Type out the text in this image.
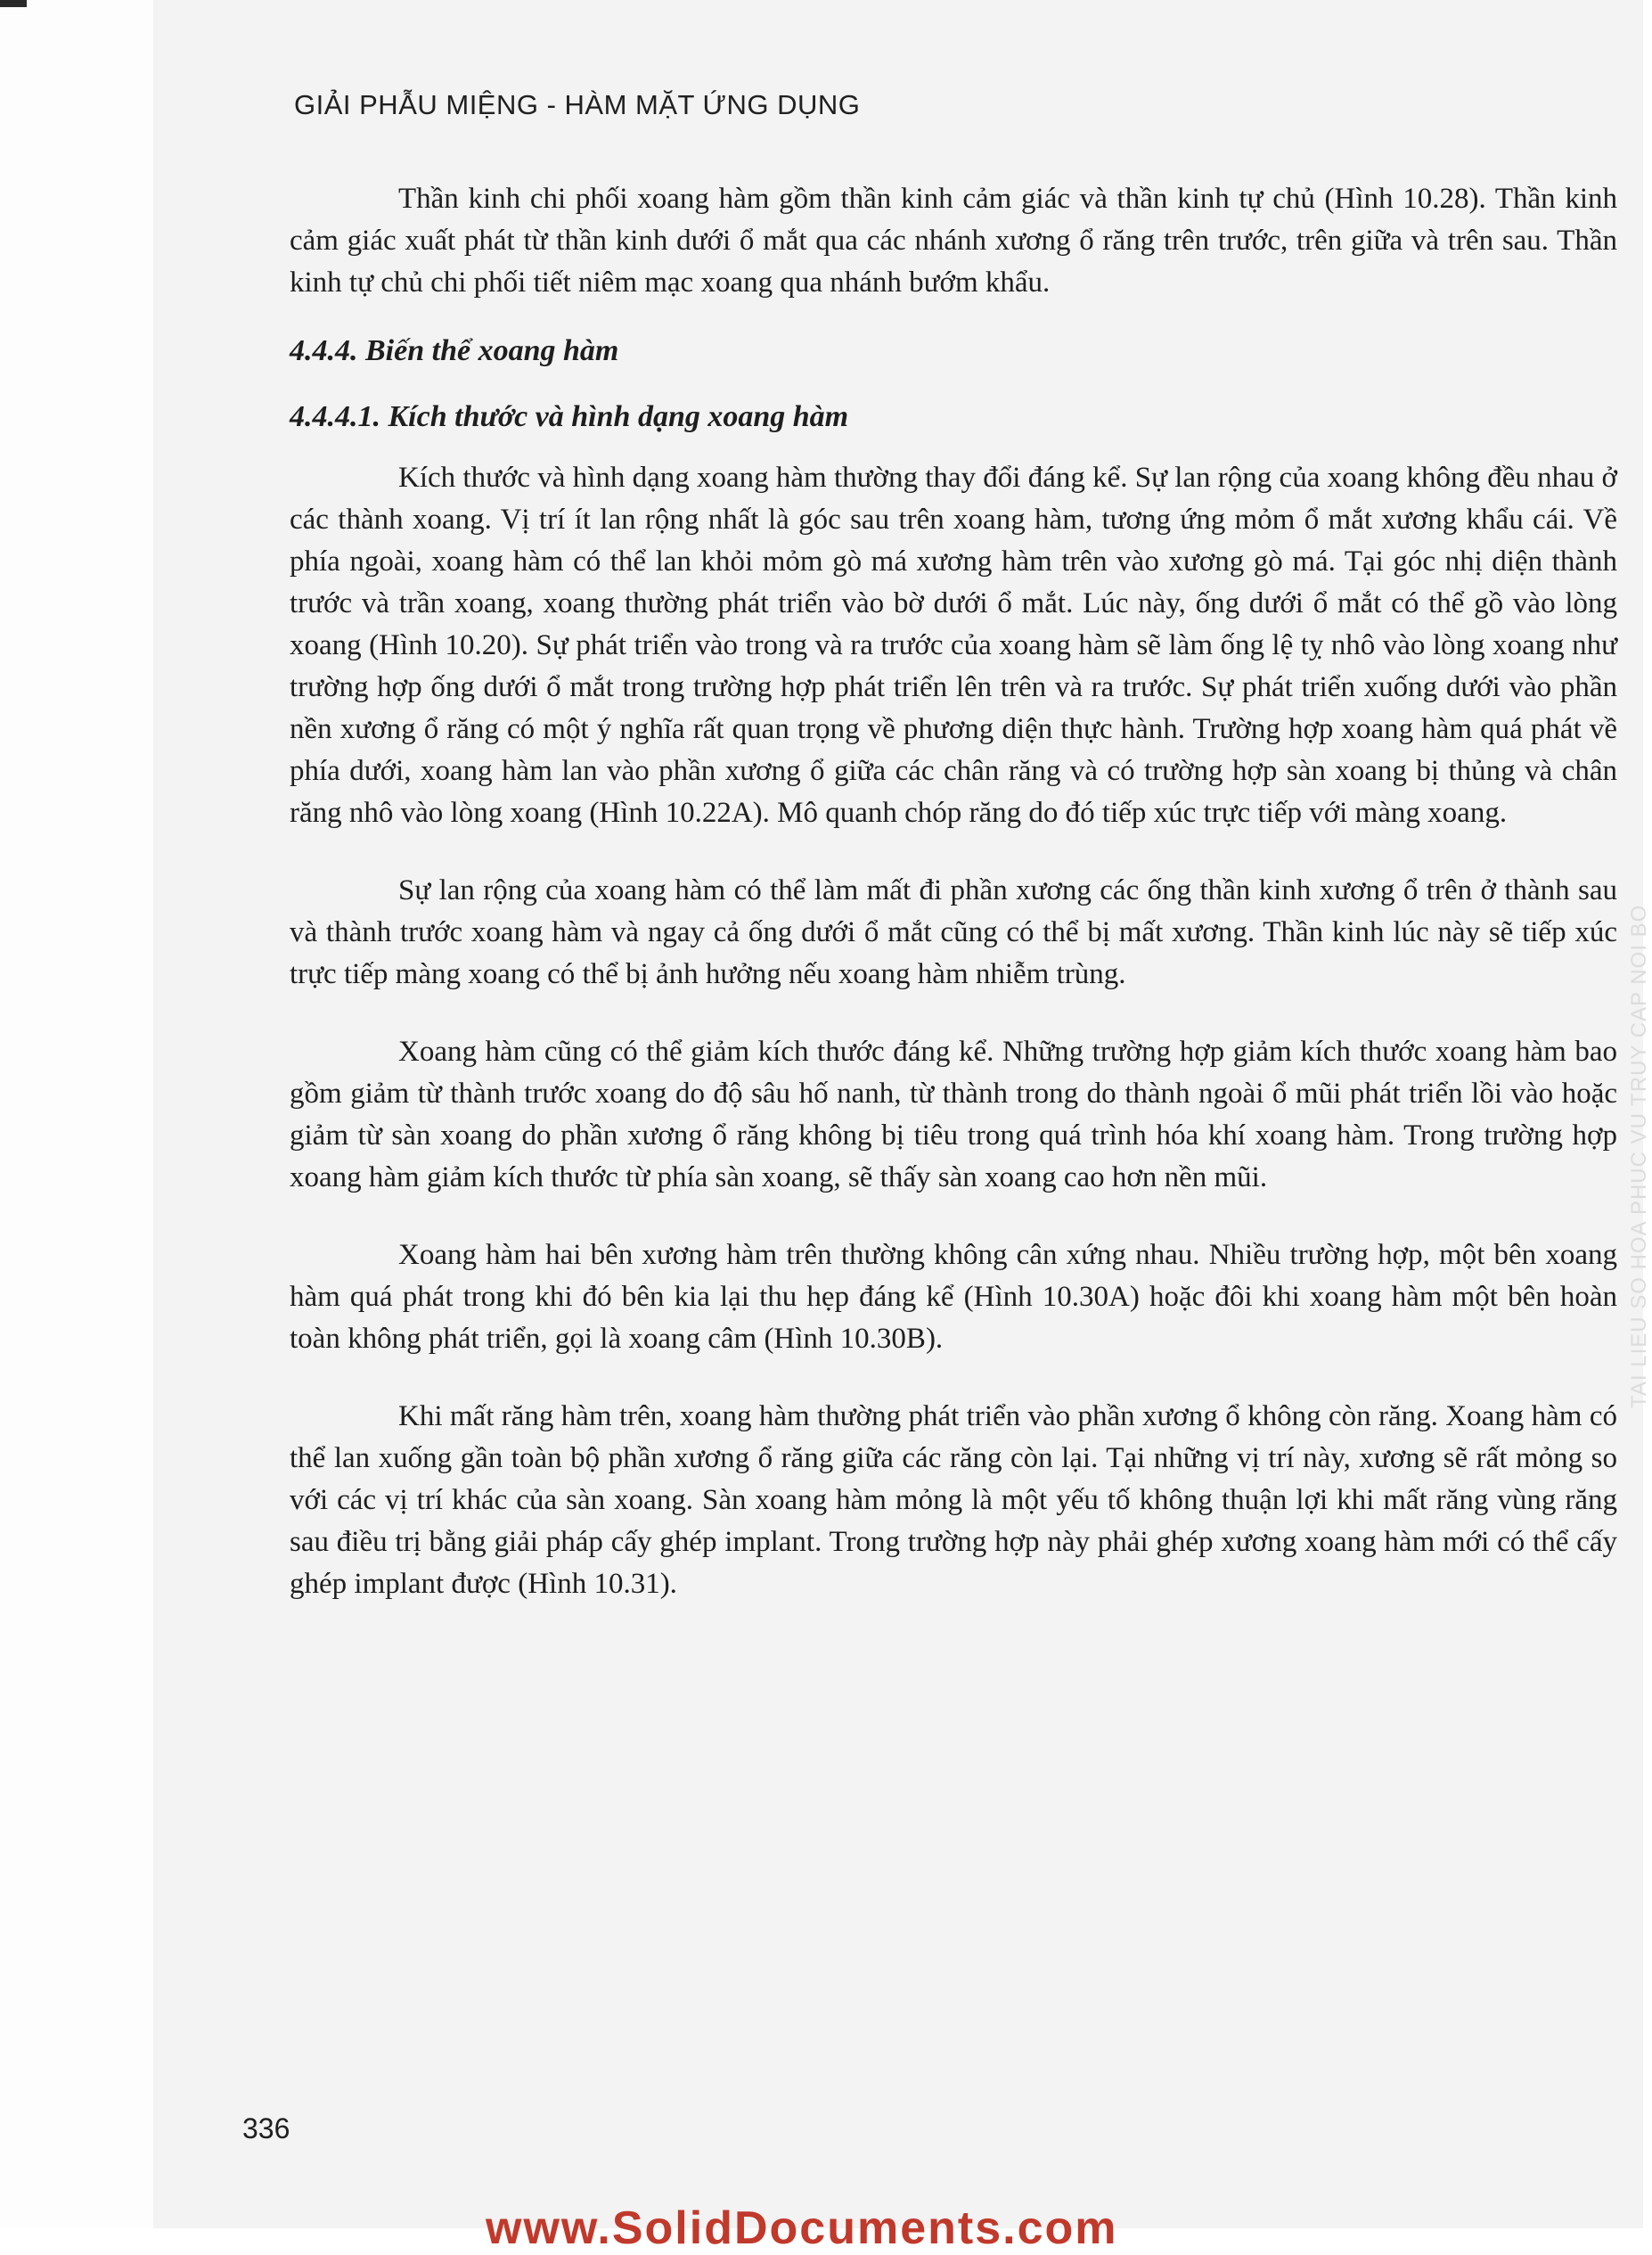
GIẢI PHẪU MIỆNG - HÀM MẶT ỨNG DỤNG

Thần kinh chi phối xoang hàm gồm thần kinh cảm giác và thần kinh tự chủ (Hình 10.28). Thần kinh cảm giác xuất phát từ thần kinh dưới ổ mắt qua các nhánh xương ổ răng trên trước, trên giữa và trên sau. Thần kinh tự chủ chi phối tiết niêm mạc xoang qua nhánh bướm khẩu.

4.4.4. Biến thể xoang hàm
4.4.4.1. Kích thước và hình dạng xoang hàm

Kích thước và hình dạng xoang hàm thường thay đổi đáng kể. Sự lan rộng của xoang không đều nhau ở các thành xoang. Vị trí ít lan rộng nhất là góc sau trên xoang hàm, tương ứng mỏm ổ mắt xương khẩu cái. Về phía ngoài, xoang hàm có thể lan khỏi mỏm gò má xương hàm trên vào xương gò má. Tại góc nhị diện thành trước và trần xoang, xoang thường phát triển vào bờ dưới ổ mắt. Lúc này, ống dưới ổ mắt có thể gồ vào lòng xoang (Hình 10.20). Sự phát triển vào trong và ra trước của xoang hàm sẽ làm ống lệ tỵ nhô vào lòng xoang như trường hợp ống dưới ổ mắt trong trường hợp phát triển lên trên và ra trước. Sự phát triển xuống dưới vào phần nền xương ổ răng có một ý nghĩa rất quan trọng về phương diện thực hành. Trường hợp xoang hàm quá phát về phía dưới, xoang hàm lan vào phần xương ổ giữa các chân răng và có trường hợp sàn xoang bị thủng và chân răng nhô vào lòng xoang (Hình 10.22A). Mô quanh chóp răng do đó tiếp xúc trực tiếp với màng xoang.

Sự lan rộng của xoang hàm có thể làm mất đi phần xương các ống thần kinh xương ổ trên ở thành sau và thành trước xoang hàm và ngay cả ống dưới ổ mắt cũng có thể bị mất xương. Thần kinh lúc này sẽ tiếp xúc trực tiếp màng xoang có thể bị ảnh hưởng nếu xoang hàm nhiễm trùng.

Xoang hàm cũng có thể giảm kích thước đáng kể. Những trường hợp giảm kích thước xoang hàm bao gồm giảm từ thành trước xoang do độ sâu hố nanh, từ thành trong do thành ngoài ổ mũi phát triển lồi vào hoặc giảm từ sàn xoang do phần xương ổ răng không bị tiêu trong quá trình hóa khí xoang hàm. Trong trường hợp xoang hàm giảm kích thước từ phía sàn xoang, sẽ thấy sàn xoang cao hơn nền mũi.

Xoang hàm hai bên xương hàm trên thường không cân xứng nhau. Nhiều trường hợp, một bên xoang hàm quá phát trong khi đó bên kia lại thu hẹp đáng kể (Hình 10.30A) hoặc đôi khi xoang hàm một bên hoàn toàn không phát triển, gọi là xoang câm (Hình 10.30B).

Khi mất răng hàm trên, xoang hàm thường phát triển vào phần xương ổ không còn răng. Xoang hàm có thể lan xuống gần toàn bộ phần xương ổ răng giữa các răng còn lại. Tại những vị trí này, xương sẽ rất mỏng so với các vị trí khác của sàn xoang. Sàn xoang hàm mỏng là một yếu tố không thuận lợi khi mất răng vùng răng sau điều trị bằng giải pháp cấy ghép implant. Trong trường hợp này phải ghép xương xoang hàm mới có thể cấy ghép implant được (Hình 10.31).

TAI LIEU SO HOA PHUC VU TRUY CAP NOI BO
336
www.SolidDocuments.com
